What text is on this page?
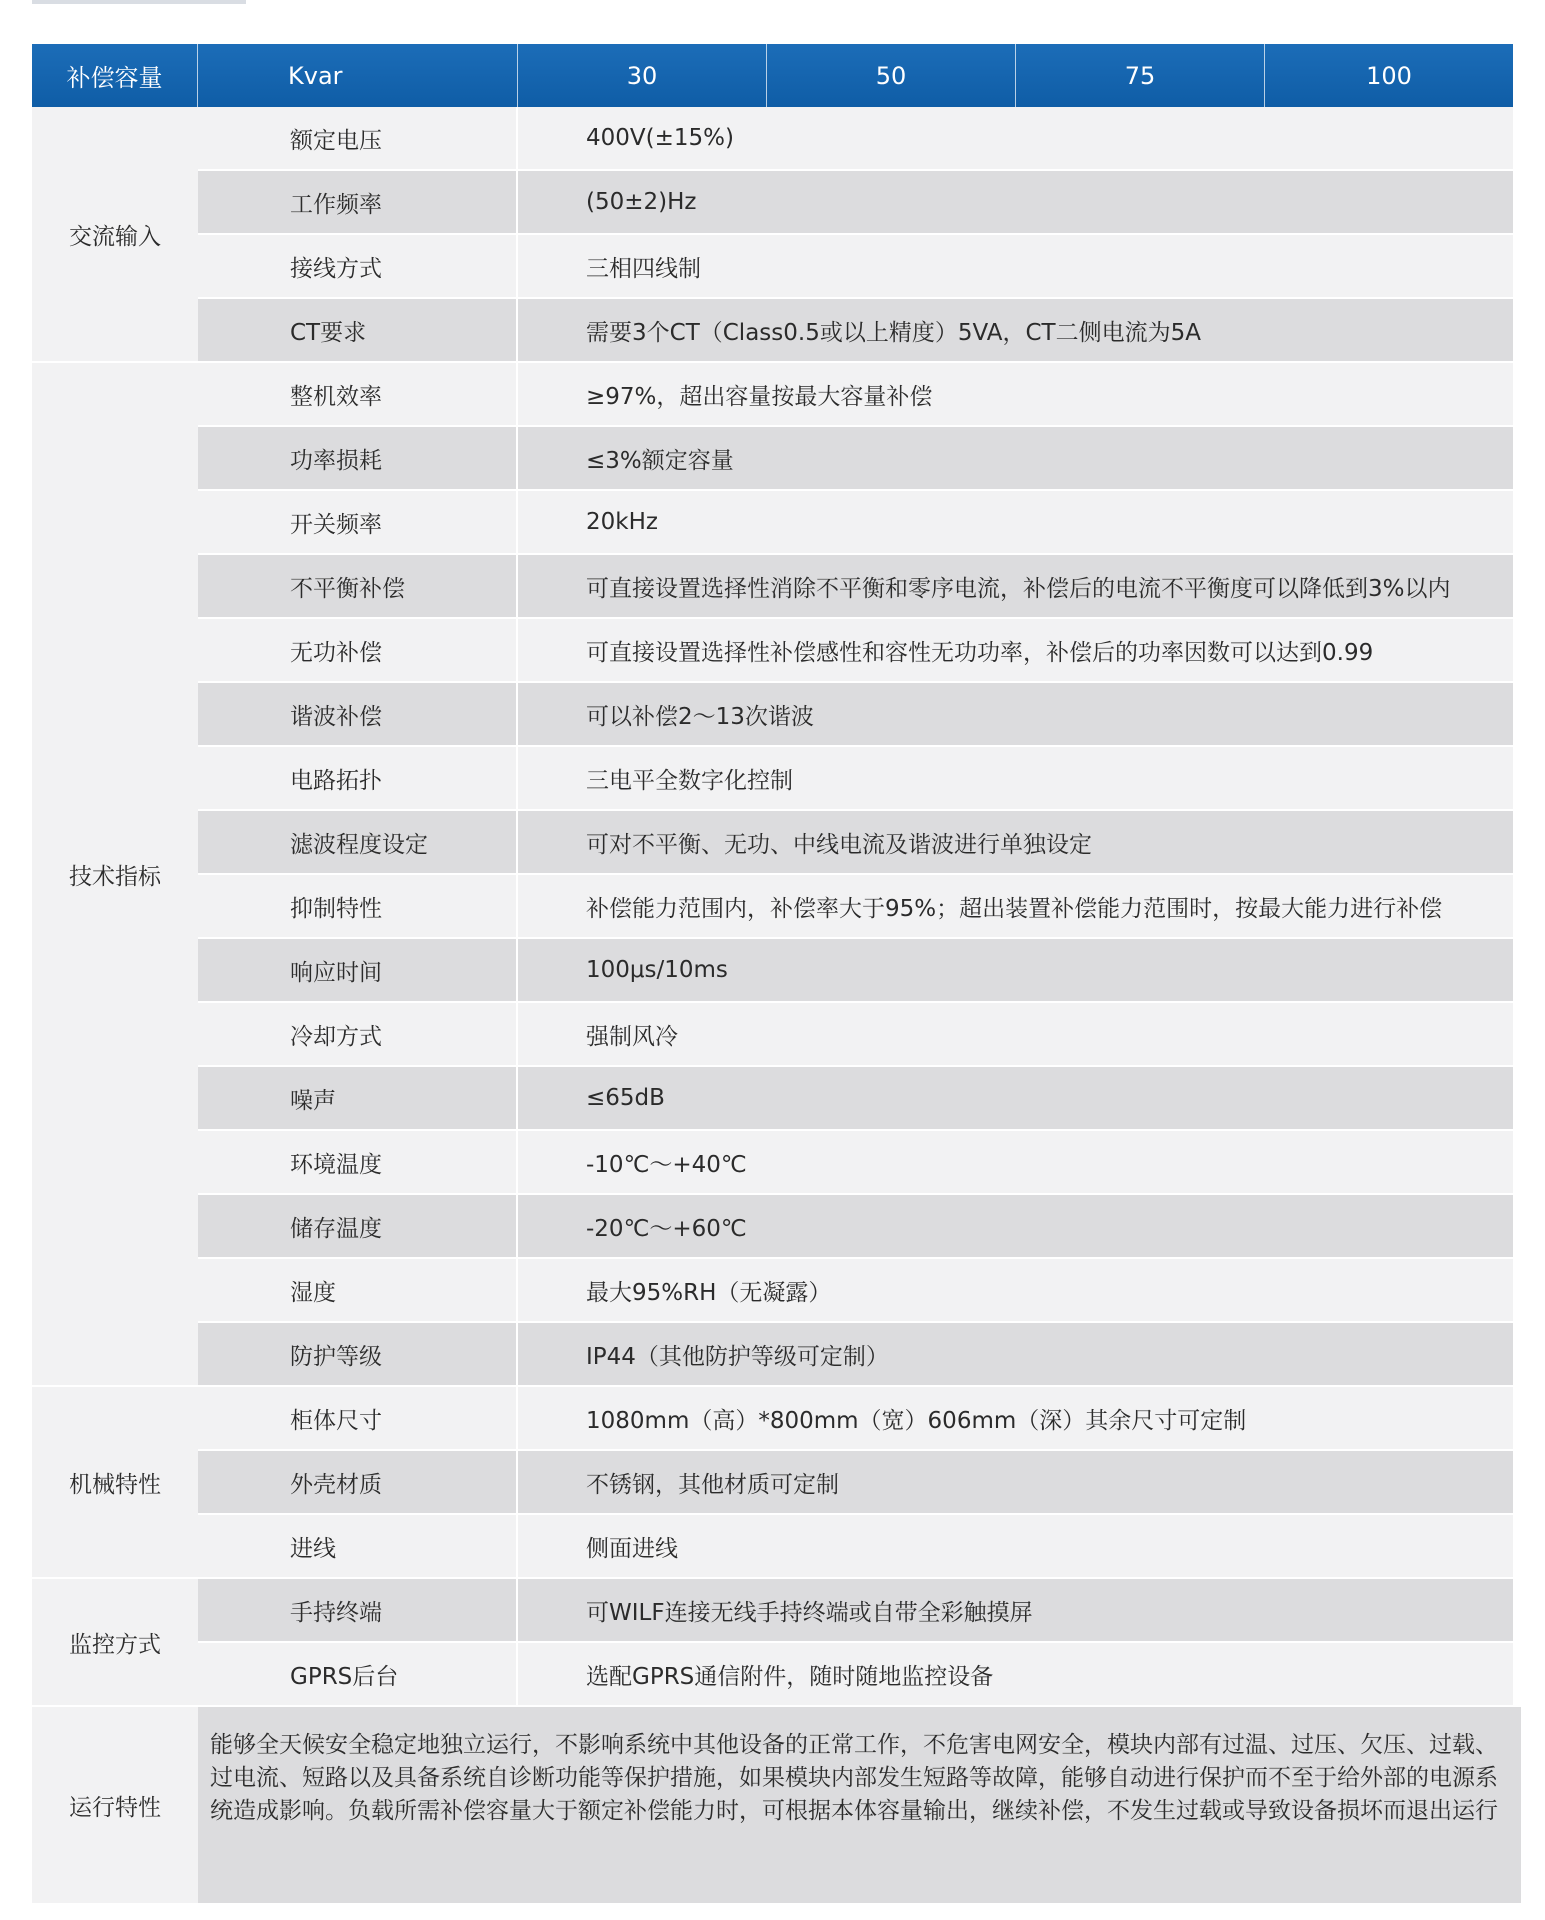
补偿容量	Kvar	30	50	75	100
交流输入
额定电压	400V(±15%)
工作频率	(50±2)Hz
接线方式	三相四线制
CT要求	需要3个CT（Class0.5或以上精度）5VA，CT二侧电流为5A
技术指标
整机效率	≥97%，超出容量按最大容量补偿
功率损耗	≤3%额定容量
开关频率	20kHz
不平衡补偿	可直接设置选择性消除不平衡和零序电流，补偿后的电流不平衡度可以降低到3%以内
无功补偿	可直接设置选择性补偿感性和容性无功功率，补偿后的功率因数可以达到0.99
谐波补偿	可以补偿2～13次谐波
电路拓扑	三电平全数字化控制
滤波程度设定	可对不平衡、无功、中线电流及谐波进行单独设定
抑制特性	补偿能力范围内，补偿率大于95%；超出装置补偿能力范围时，按最大能力进行补偿
响应时间	100μs/10ms
冷却方式	强制风冷
噪声	≤65dB
环境温度	-10℃～+40℃
储存温度	-20℃～+60℃
湿度	最大95%RH（无凝露）
防护等级	IP44（其他防护等级可定制）
机械特性
柜体尺寸	1080mm（高）*800mm（宽）606mm（深）其余尺寸可定制
外壳材质	不锈钢，其他材质可定制
进线	侧面进线
监控方式
手持终端	可WILF连接无线手持终端或自带全彩触摸屏
GPRS后台	选配GPRS通信附件，随时随地监控设备
运行特性
能够全天候安全稳定地独立运行，不影响系统中其他设备的正常工作，不危害电网安全，模块内部有过温、过压、欠压、过载、过电流、短路以及具备系统自诊断功能等保护措施，如果模块内部发生短路等故障，能够自动进行保护而不至于给外部的电源系统造成影响。负载所需补偿容量大于额定补偿能力时，可根据本体容量输出，继续补偿，不发生过载或导致设备损坏而退出运行
